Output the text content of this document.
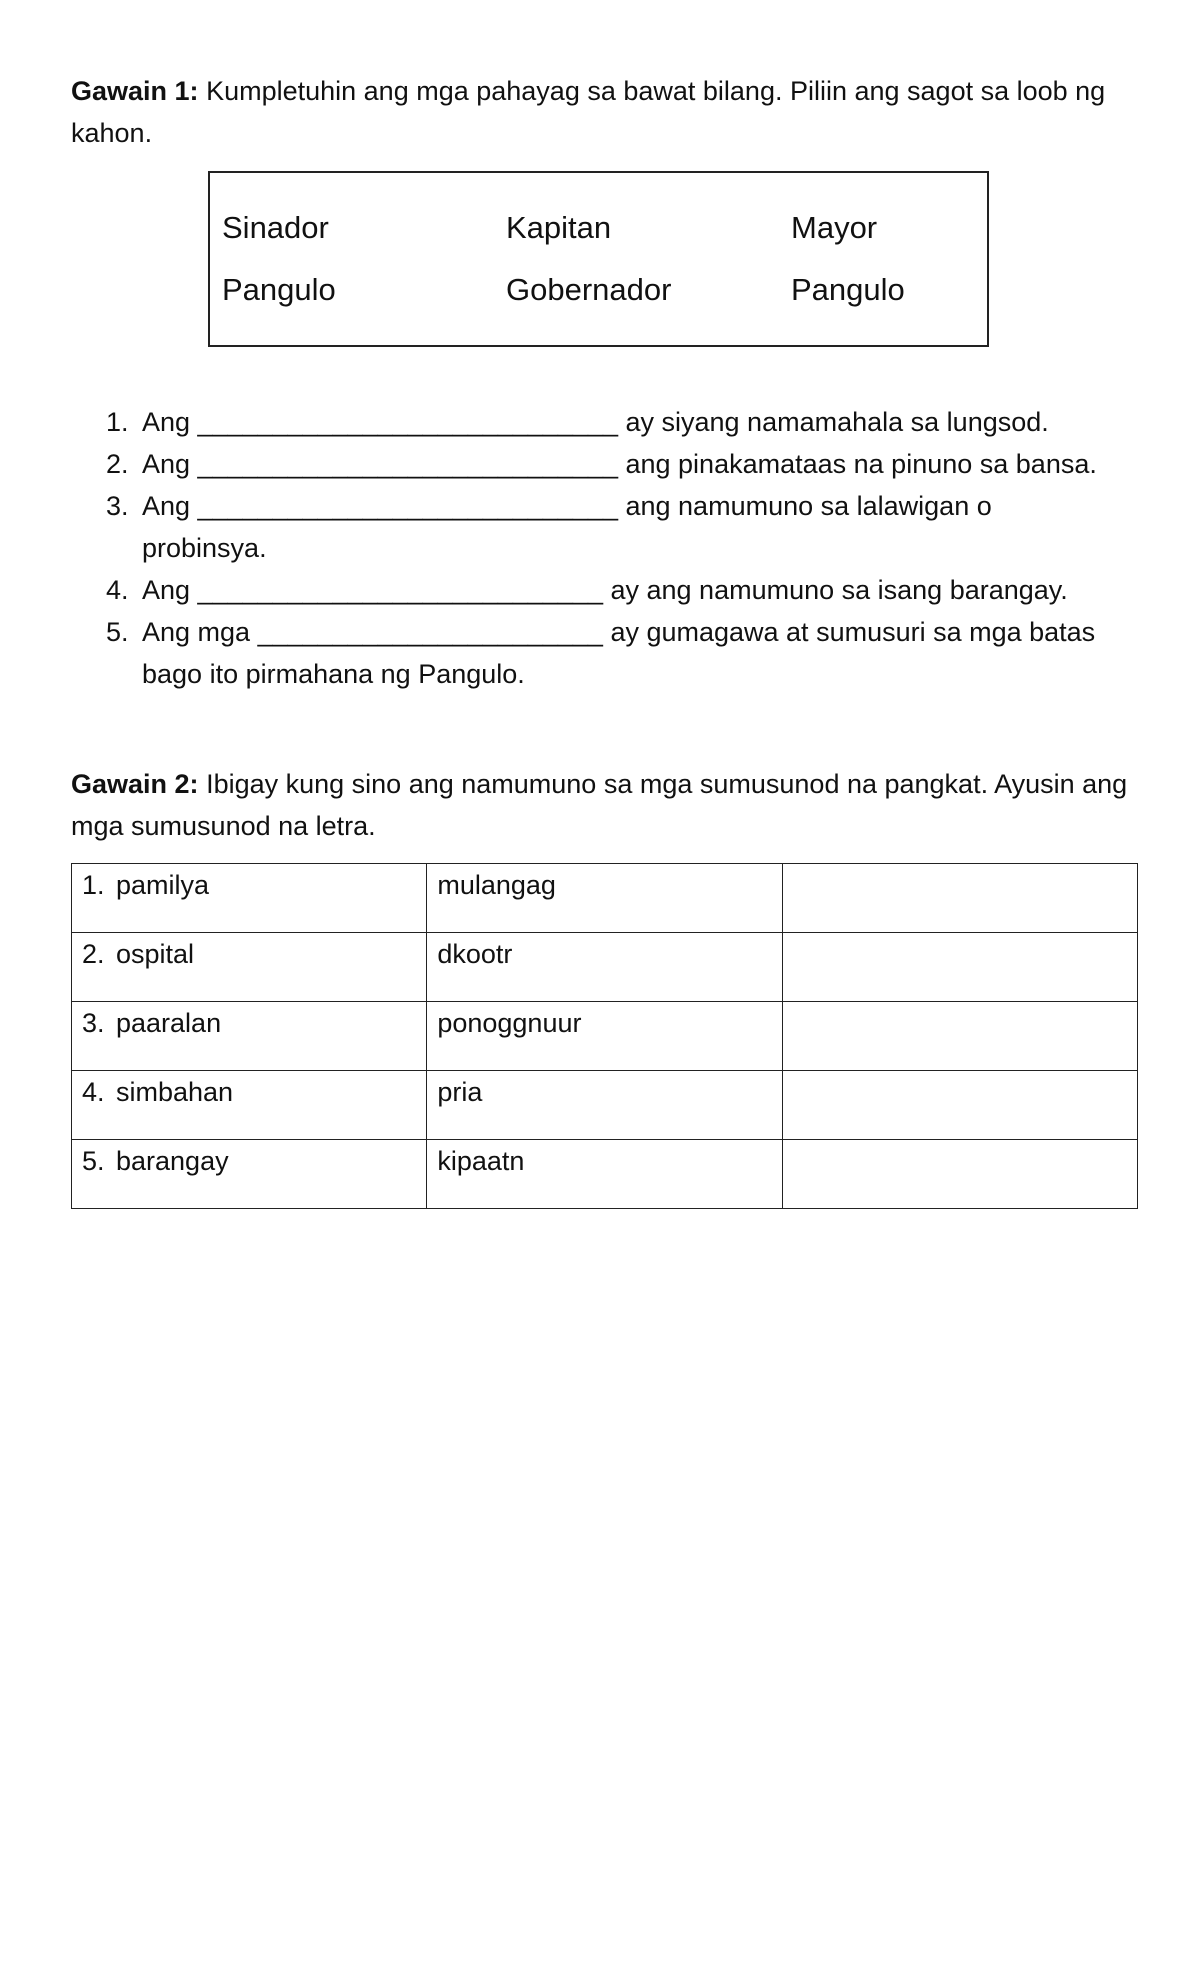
Gawain 1: Kumpletuhin ang mga pahayag sa bawat bilang. Piliin ang sagot sa loob ng kahon.
Sinador	Kapitan	Mayor
Pangulo	Gobernador	Pangulo
1. Ang ____________________________ ay siyang namamahala sa lungsod.
2. Ang ____________________________ ang pinakamataas na pinuno sa bansa.
3. Ang ____________________________ ang namumuno sa lalawigan o
probinsya.
4. Ang ___________________________ ay ang namumuno sa isang barangay.
5. Ang mga _______________________ ay gumagawa at sumusuri sa mga batas
bago ito pirmahana ng Pangulo.
Gawain 2: Ibigay kung sino ang namumuno sa mga sumusunod na pangkat. Ayusin ang mga sumusunod na letra.
1. pamilya	mulangag	
2. ospital	dkootr	
3. paaralan	ponoggnuur	
4. simbahan	pria	
5. barangay	kipaatn	
